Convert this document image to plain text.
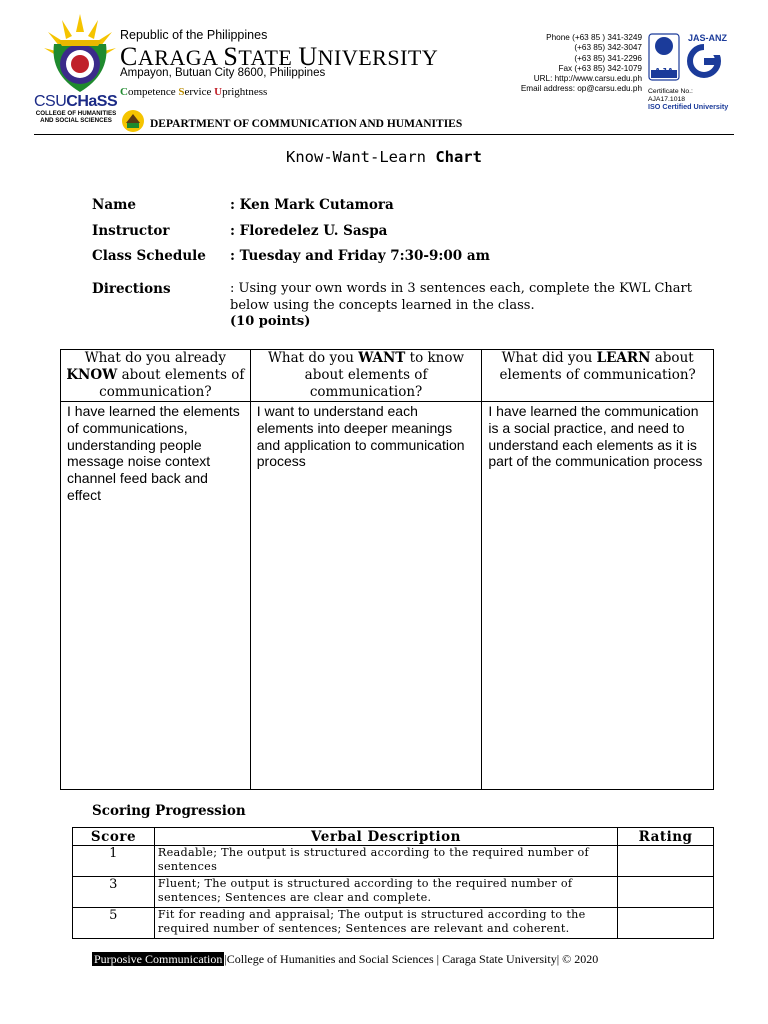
CSUCHaSS
COLLEGE OF HUMANITIES AND SOCIAL SCIENCES
Republic of the Philippines
CARAGA STATE UNIVERSITY
Ampayon, Butuan City 8600, Philippines
Competence Service Uprightness
DEPARTMENT OF COMMUNICATION AND HUMANITIES
Phone (+63 85 ) 341-3249
(+63 85) 342-3047
(+63 85) 341-2296
Fax (+63 85) 342-1079
URL: http://www.carsu.edu.ph
Email address: op@carsu.edu.ph
JAS-ANZ
AJA
Certificate No.: AJA17.1018
ISO Certified University
Know-Want-Learn Chart
Name	: Ken Mark Cutamora
Instructor	: Floredelez U. Saspa
Class Schedule : Tuesday and Friday 7:30-9:00 am
Directions	: Using your own words in 3 sentences each, complete the KWL Chart below using the concepts learned in the class.
(10 points)
What do you already KNOW about elements of communication?	What do you WANT to know about elements of communication?	What did you LEARN about elements of communication?
I have learned the elements of communications, understanding people message noise context channel feed back and effect	I want to understand each elements into deeper meanings and application to communication process	I have learned the communication is a social practice, and need to understand each elements as it is part of the communication process
Scoring Progression
Score	Verbal Description	Rating
1	Readable; The output is structured according to the required number of sentences	
3	Fluent; The output is structured according to the required number of sentences; Sentences are clear and complete.	
5	Fit for reading and appraisal; The output is structured according to the required number of sentences; Sentences are relevant and coherent.	
Purposive Communication |College of Humanities and Social Sciences | Caraga State University| © 2020
